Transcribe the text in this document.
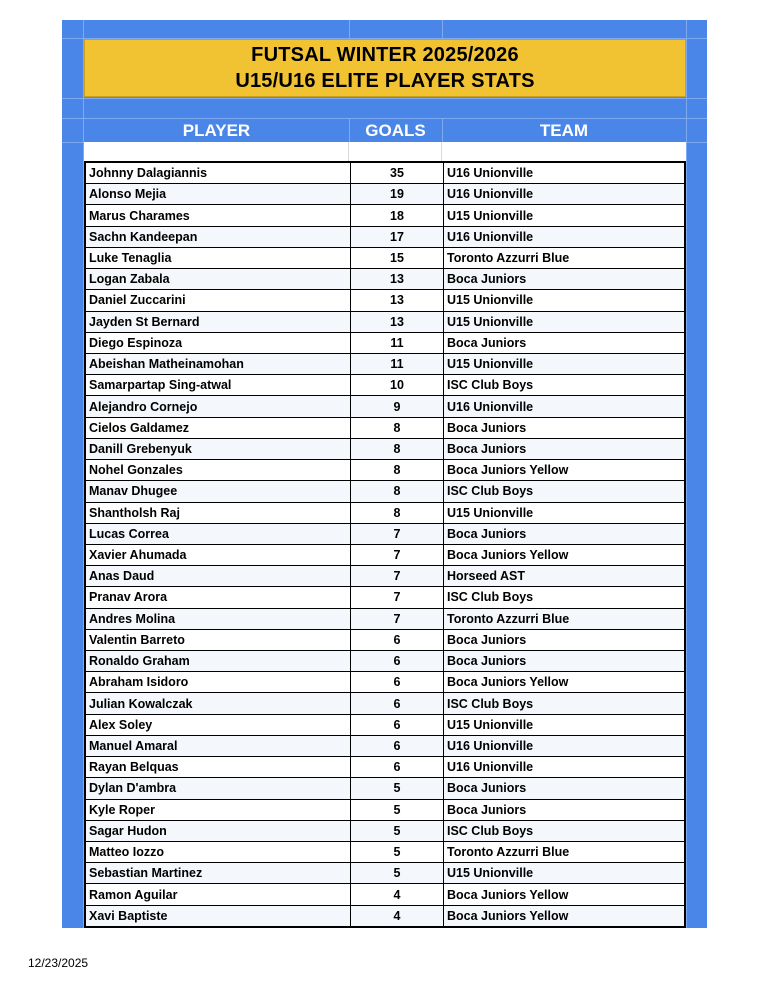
FUTSAL WINTER 2025/2026
U15/U16 ELITE PLAYER STATS
PLAYER	GOALS	TEAM
Johnny Dalagiannis	35	U16 Unionville
Alonso Mejia	19	U16 Unionville
Marus Charames	18	U15 Unionville
Sachn Kandeepan	17	U16 Unionville
Luke Tenaglia	15	Toronto Azzurri Blue
Logan Zabala	13	Boca Juniors
Daniel Zuccarini	13	U15 Unionville
Jayden St Bernard	13	U15 Unionville
Diego Espinoza	11	Boca Juniors
Abeishan Matheinamohan	11	U15 Unionville
Samarpartap Sing-atwal	10	ISC Club Boys
Alejandro Cornejo	9	U16 Unionville
Cielos Galdamez	8	Boca Juniors
Danill Grebenyuk	8	Boca Juniors
Nohel Gonzales	8	Boca Juniors Yellow
Manav Dhugee	8	ISC Club Boys
Shantholsh Raj	8	U15 Unionville
Lucas Correa	7	Boca Juniors
Xavier Ahumada	7	Boca Juniors Yellow
Anas Daud	7	Horseed AST
Pranav Arora	7	ISC Club Boys
Andres Molina	7	Toronto Azzurri Blue
Valentin Barreto	6	Boca Juniors
Ronaldo Graham	6	Boca Juniors
Abraham Isidoro	6	Boca Juniors Yellow
Julian Kowalczak	6	ISC Club Boys
Alex Soley	6	U15 Unionville
Manuel Amaral	6	U16 Unionville
Rayan Belquas	6	U16 Unionville
Dylan D'ambra	5	Boca Juniors
Kyle Roper	5	Boca Juniors
Sagar Hudon	5	ISC Club Boys
Matteo Iozzo	5	Toronto Azzurri Blue
Sebastian Martinez	5	U15 Unionville
Ramon Aguilar	4	Boca Juniors Yellow
Xavi Baptiste	4	Boca Juniors Yellow
12/23/2025
